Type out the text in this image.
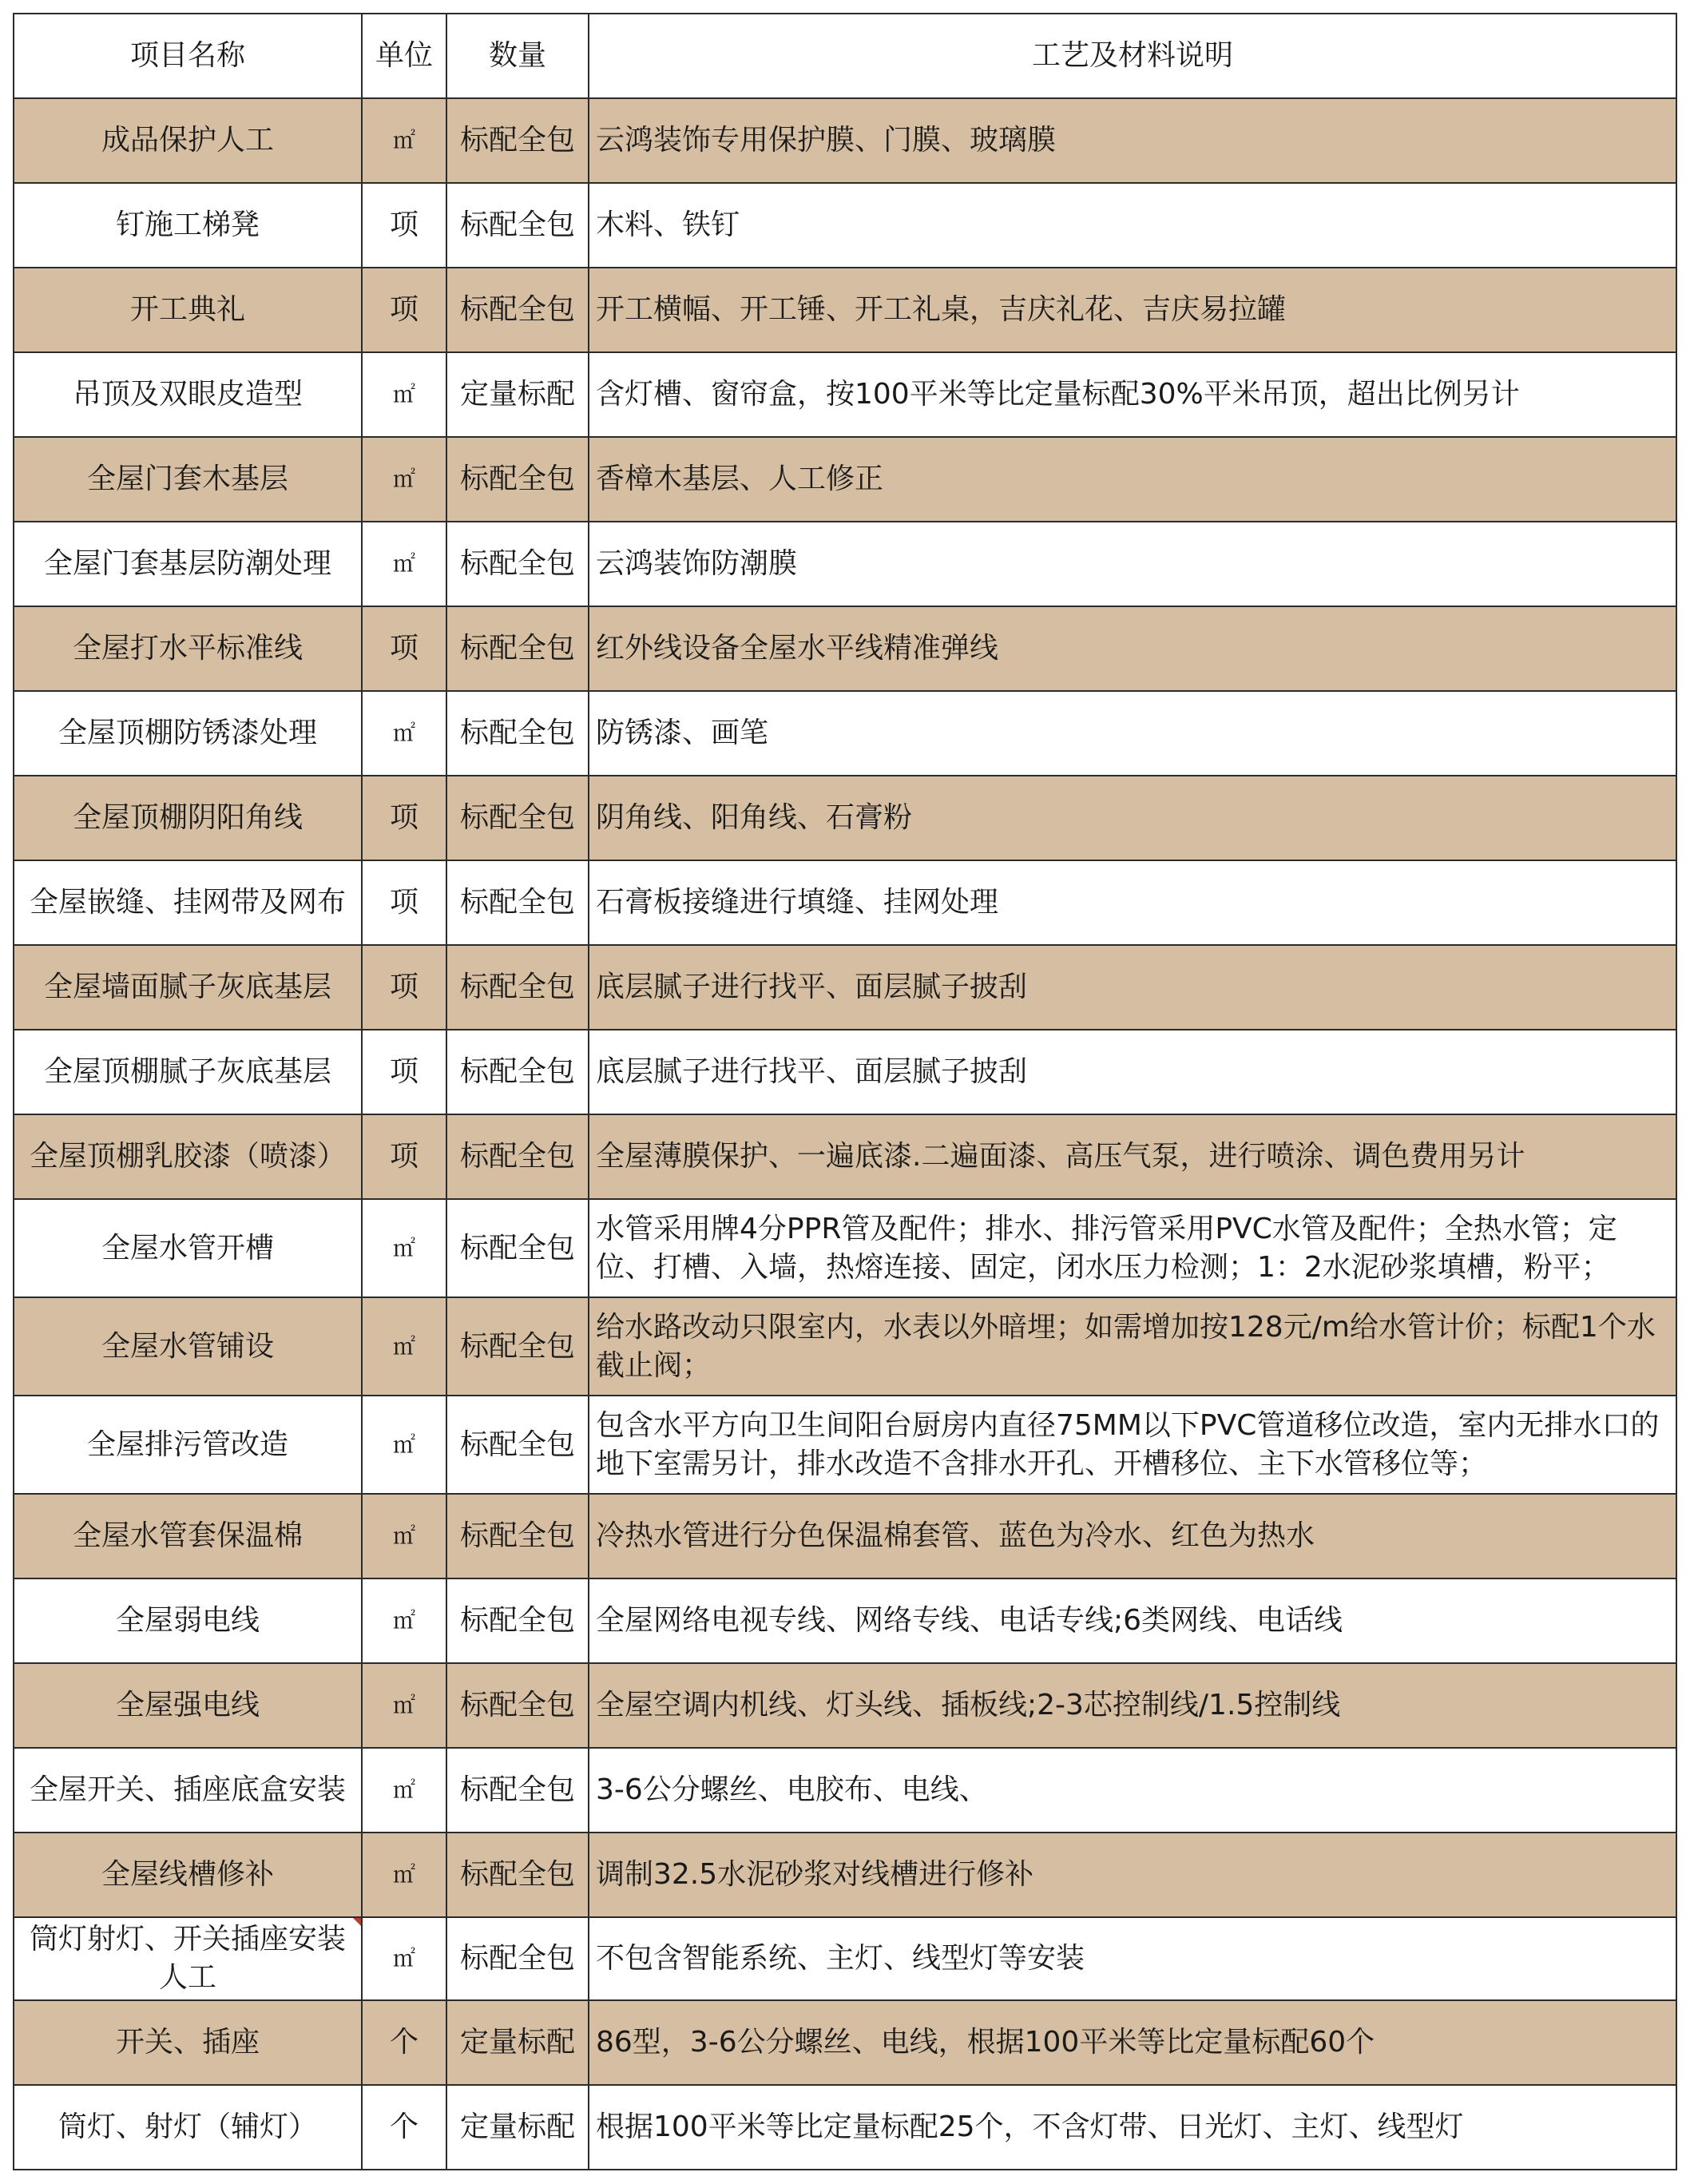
项目名称	单位	数量	工艺及材料说明
成品保护人工	㎡	标配全包	云鸿装饰专用保护膜、门膜、玻璃膜
钉施工梯凳	项	标配全包	木料、铁钉
开工典礼	项	标配全包	开工横幅、开工锤、开工礼桌，吉庆礼花、吉庆易拉罐
吊顶及双眼皮造型	㎡	定量标配	含灯槽、窗帘盒，按100平米等比定量标配30%平米吊顶，超出比例另计
全屋门套木基层	㎡	标配全包	香樟木基层、人工修正
全屋门套基层防潮处理	㎡	标配全包	云鸿装饰防潮膜
全屋打水平标准线	项	标配全包	红外线设备全屋水平线精准弹线
全屋顶棚防锈漆处理	㎡	标配全包	防锈漆、画笔
全屋顶棚阴阳角线	项	标配全包	阴角线、阳角线、石膏粉
全屋嵌缝、挂网带及网布	项	标配全包	石膏板接缝进行填缝、挂网处理
全屋墙面腻子灰底基层	项	标配全包	底层腻子进行找平、面层腻子披刮
全屋顶棚腻子灰底基层	项	标配全包	底层腻子进行找平、面层腻子披刮
全屋顶棚乳胶漆（喷漆）	项	标配全包	全屋薄膜保护、一遍底漆.二遍面漆、高压气泵，进行喷涂、调色费用另计
全屋水管开槽	㎡	标配全包	水管采用牌4分PPR管及配件；排水、排污管采用PVC水管及配件；全热水管；定位、打槽、入墙，热熔连接、固定，闭水压力检测；1：2水泥砂浆填槽，粉平；
全屋水管铺设	㎡	标配全包	给水路改动只限室内，水表以外暗埋；如需增加按128元/m给水管计价；标配1个水截止阀；
全屋排污管改造	㎡	标配全包	包含水平方向卫生间阳台厨房内直径75MM以下PVC管道移位改造，室内无排水口的地下室需另计，排水改造不含排水开孔、开槽移位、主下水管移位等；
全屋水管套保温棉	㎡	标配全包	冷热水管进行分色保温棉套管、蓝色为冷水、红色为热水
全屋弱电线	㎡	标配全包	全屋网络电视专线、网络专线、电话专线;6类网线、电话线
全屋强电线	㎡	标配全包	全屋空调内机线、灯头线、插板线;2-3芯控制线/1.5控制线
全屋开关、插座底盒安装	㎡	标配全包	3-6公分螺丝、电胶布、电线、
全屋线槽修补	㎡	标配全包	调制32.5水泥砂浆对线槽进行修补
筒灯射灯、开关插座安装人工	㎡	标配全包	不包含智能系统、主灯、线型灯等安装
开关、插座	个	定量标配	86型，3-6公分螺丝、电线，根据100平米等比定量标配60个
筒灯、射灯（辅灯）	个	定量标配	根据100平米等比定量标配25个，不含灯带、日光灯、主灯、线型灯
